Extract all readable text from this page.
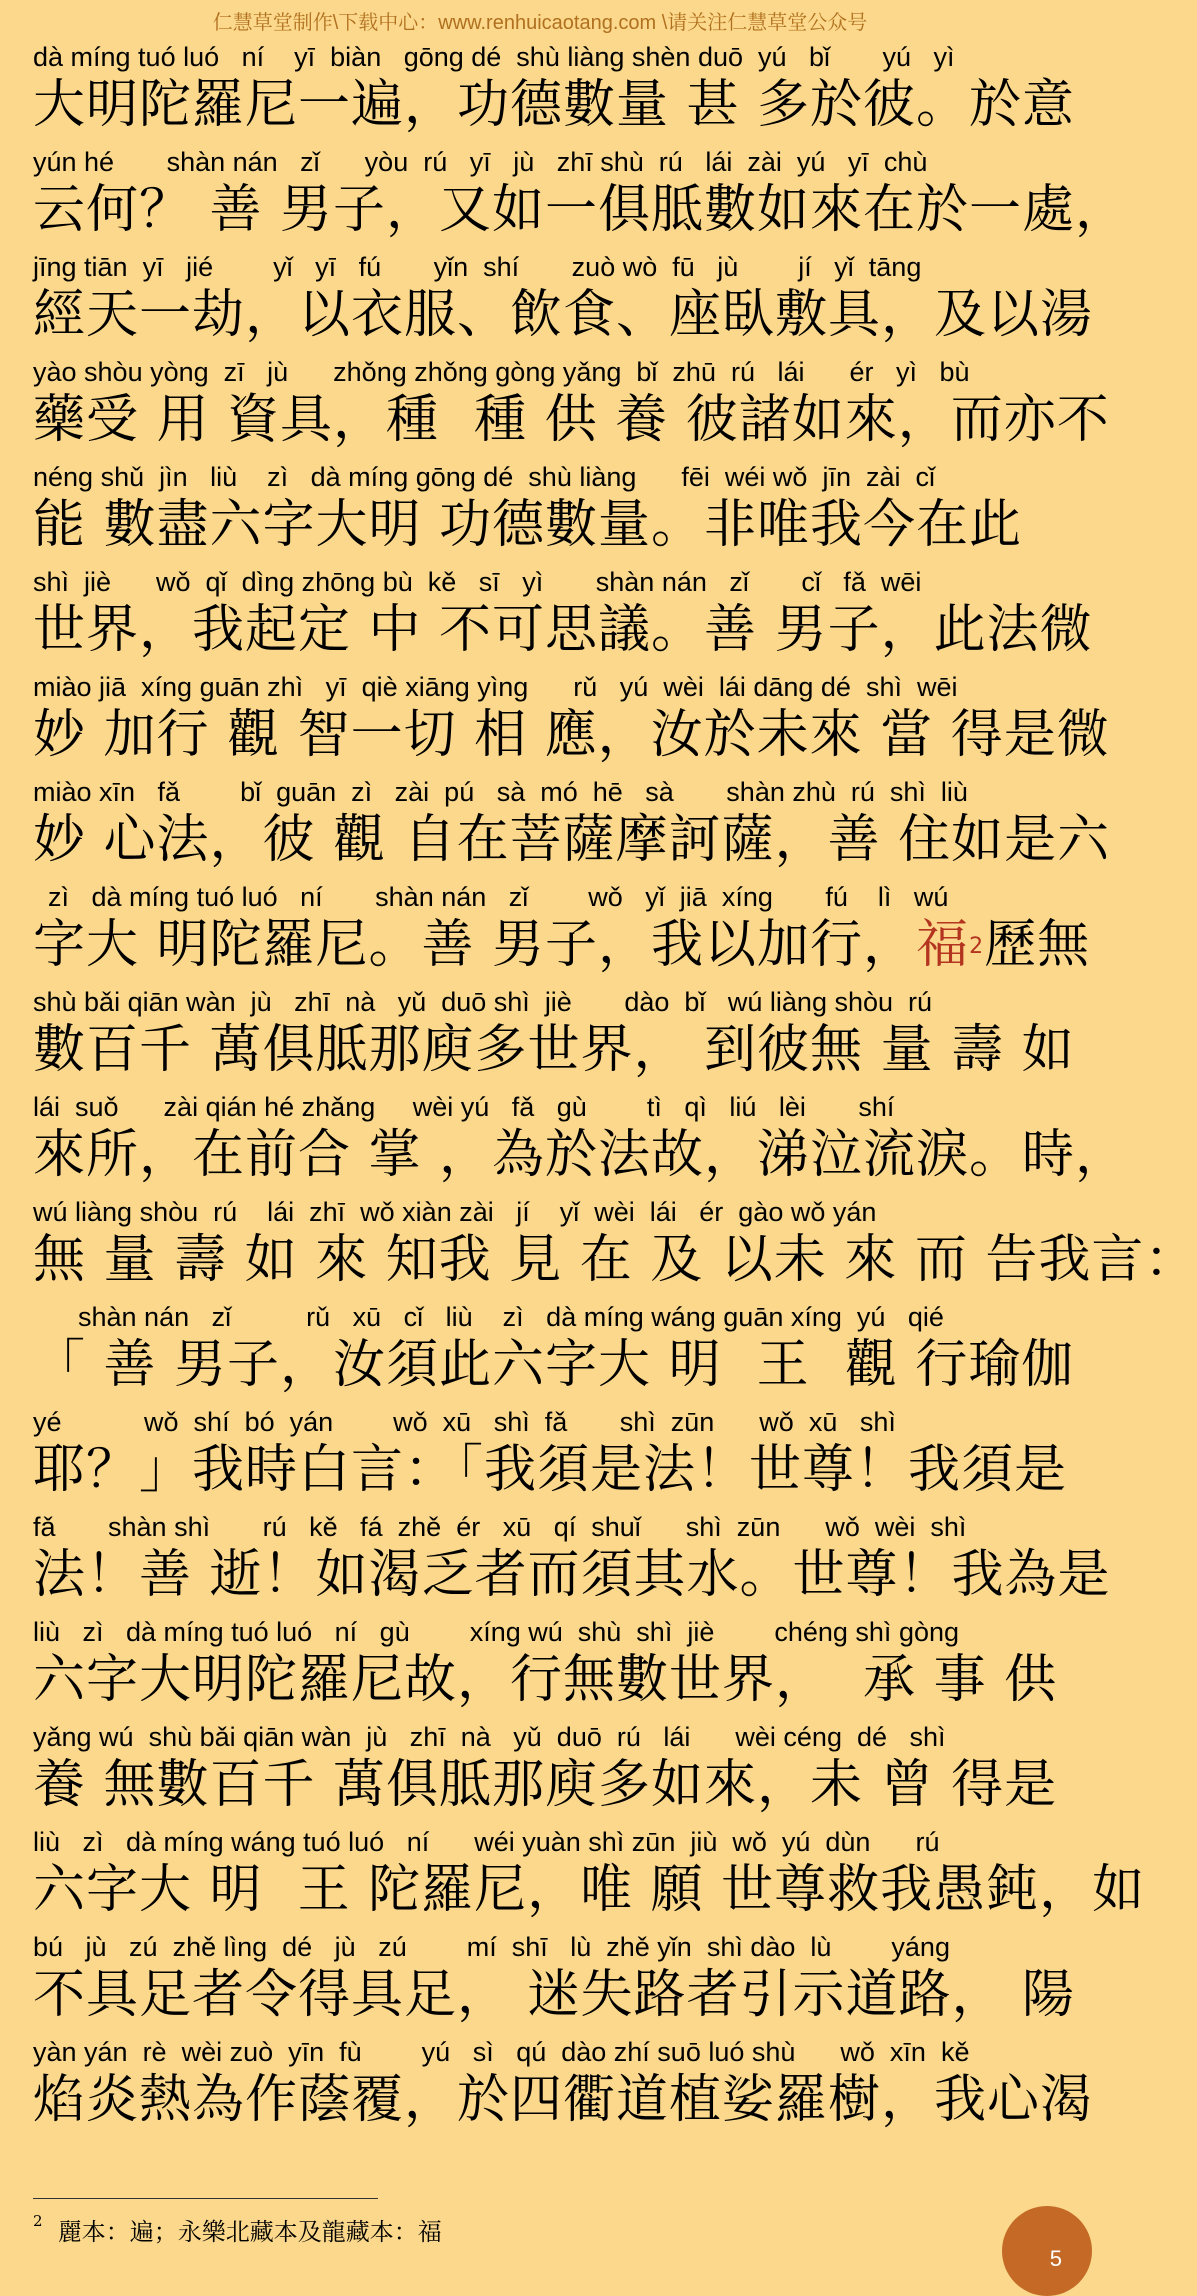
仁慧草堂制作\下载中心：www.renhuicaotang.com \请关注仁慧草堂公众号
dà míng tuó luó   ní    yī  biàn   gōng dé  shù liàng shèn duō  yú   bǐ       yú   yì
大明陀羅尼一遍，功德數量 甚 多於彼。於意
yún hé       shàn nán   zǐ      yòu  rú   yī   jù   zhī shù  rú   lái  zài  yú   yī  chù
云何？ 善 男子，又如一俱胝數如來在於一處，
jīng tiān  yī   jié        yǐ   yī   fú       yǐn  shí       zuò wò  fū   jù        jí   yǐ  tāng
經天一劫，以衣服、飲食、座臥敷具，及以湯
yào shòu yòng  zī   jù      zhǒng zhǒng gòng yǎng  bǐ  zhū  rú   lái      ér   yì   bù
藥受 用 資具，種  種 供 養 彼諸如來，而亦不
néng shǔ  jìn   liù    zì   dà míng gōng dé  shù liàng      fēi  wéi wǒ  jīn  zài  cǐ
能 數盡六字大明 功德數量。非唯我今在此
shì  jiè      wǒ  qǐ  dìng zhōng bù  kě   sī   yì       shàn nán   zǐ       cǐ   fǎ  wēi
世界，我起定 中 不可思議。善 男子，此法微
miào jiā  xíng guān zhì   yī  qiè xiāng yìng      rǔ   yú  wèi  lái dāng dé  shì  wēi
妙 加行 觀 智一切 相 應，汝於未來 當 得是微
miào xīn   fǎ        bǐ  guān  zì   zài  pú   sà  mó  hē   sà       shàn zhù  rú  shì  liù
妙 心法，彼 觀 自在菩薩摩訶薩，善 住如是六
zì   dà míng tuó luó   ní       shàn nán   zǐ        wǒ   yǐ  jiā  xíng       fú    lì   wú
字大 明陀羅尼。善 男子，我以加行，福$^2$歷無
shù bǎi qiān wàn  jù   zhī  nà   yǔ  duō shì  jiè       dào  bǐ   wú liàng shòu  rú
數百千 萬俱胝那庾多世界， 到彼無 量 壽 如
lái  suǒ      zài qián hé zhǎng     wèi yú   fǎ   gù        tì   qì   liú   lèi       shí
來所，在前合 掌 ，為於法故，涕泣流淚。時，
wú liàng shòu  rú    lái  zhī  wǒ xiàn zài   jí    yǐ  wèi  lái   ér  gào wǒ yán
無 量 壽 如 來 知我 見 在 及 以未 來 而 告我言：
shàn nán   zǐ          rǔ   xū   cǐ   liù    zì   dà míng wáng guān xíng  yú   qié
「 善 男子，汝須此六字大 明  王  觀 行瑜伽
yé           wǒ  shí  bó  yán        wǒ  xū   shì  fǎ       shì  zūn      wǒ  xū   shì
耶？」我時白言：「我須是法！世尊！我須是
fǎ       shàn shì       rú   kě   fá  zhě  ér   xū   qí  shuǐ      shì  zūn      wǒ  wèi  shì
法！善 逝！如渴乏者而須其水。世尊！我為是
liù   zì   dà míng tuó luó   ní   gù        xíng wú  shù  shì  jiè        chéng shì gòng
六字大明陀羅尼故，行無數世界，  承 事 供
yǎng wú  shù bǎi qiān wàn  jù   zhī  nà   yǔ  duō  rú   lái      wèi céng  dé   shì
養 無數百千 萬俱胝那庾多如來，未 曾 得是
liù   zì   dà míng wáng tuó luó   ní      wéi yuàn shì zūn  jiù  wǒ  yú  dùn      rú
六字大 明  王 陀羅尼，唯 願 世尊救我愚鈍，如
bú   jù   zú  zhě lìng  dé   jù   zú        mí  shī   lù  zhě yǐn  shì dào  lù        yáng
不具足者令得具足， 迷失路者引示道路， 陽
yàn yán  rè  wèi zuò  yīn  fù        yú   sì   qú  dào zhí suō luó shù      wǒ  xīn  kě
焰炎熱為作蔭覆，於四衢道植娑羅樹，我心渴
$^2$ 麗本：遍；永樂北藏本及龍藏本：福
5
